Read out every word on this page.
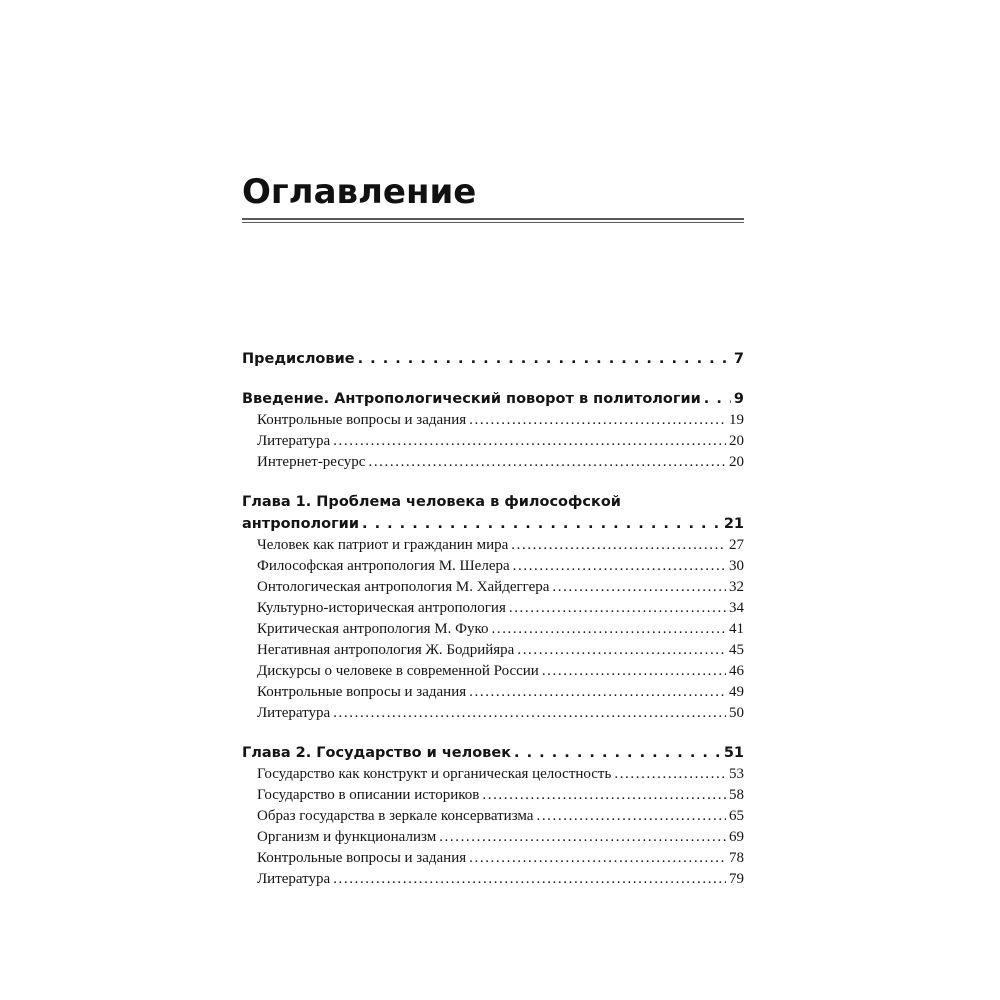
Оглавление
Предисловие . . .	7
Введение. Антропологический поворот в политологии . . . 9
Контрольные вопросы и задания .....	19
Литература .....	20
Интернет-ресурс .....	20
Глава 1. Проблема человека в философской
антропологии . . .	21
Человек как патриот и гражданин мира .....	27
Философская антропология М. Шелера .....	30
Онтологическая антропология М. Хайдеггера .....	32
Культурно-историческая антропология .....	34
Критическая антропология М. Фуко .....	41
Негативная антропология Ж. Бодрийяра .....	45
Дискурсы о человеке в современной России .....	46
Контрольные вопросы и задания .....	49
Литература .....	50
Глава 2. Государство и человек . . .	51
Государство как конструкт и органическая целостность .....	53
Государство в описании историков .....	58
Образ государства в зеркале консерватизма .....	65
Организм и функционализм .....	69
Контрольные вопросы и задания .....	78
Литература .....	79
